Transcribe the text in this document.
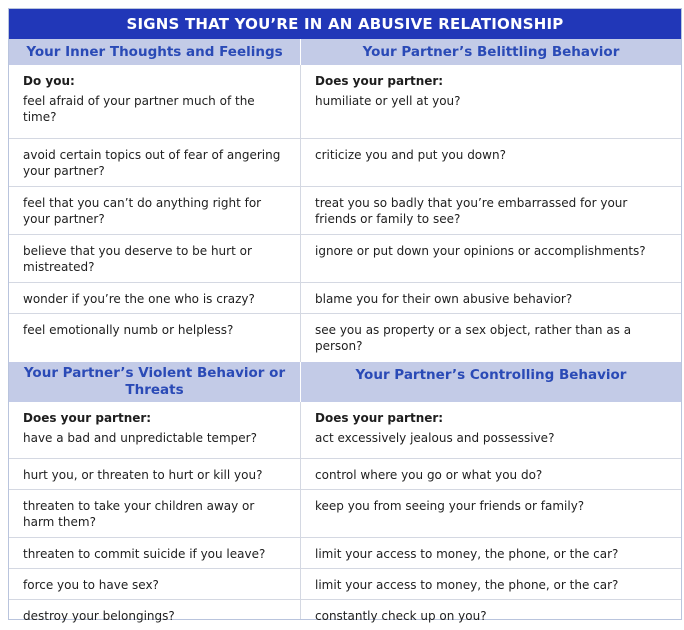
SIGNS THAT YOU’RE IN AN ABUSIVE RELATIONSHIP
Your Inner Thoughts and Feelings	Your Partner’s Belittling Behavior
Do you:
feel afraid of your partner much of the time?
avoid certain topics out of fear of angering your partner?
feel that you can’t do anything right for your partner?
believe that you deserve to be hurt or mistreated?
wonder if you’re the one who is crazy?
feel emotionally numb or helpless?
Does your partner:
humiliate or yell at you?
criticize you and put you down?
treat you so badly that you’re embarrassed for your friends or family to see?
ignore or put down your opinions or accomplishments?
blame you for their own abusive behavior?
see you as property or a sex object, rather than as a person?
Your Partner’s Violent Behavior or Threats
Your Partner’s Controlling Behavior
Does your partner:
have a bad and unpredictable temper?
hurt you, or threaten to hurt or kill you?
threaten to take your children away or harm them?
threaten to commit suicide if you leave?
force you to have sex?
destroy your belongings?
Does your partner:
act excessively jealous and possessive?
control where you go or what you do?
keep you from seeing your friends or family?
limit your access to money, the phone, or the car?
limit your access to money, the phone, or the car?
constantly check up on you?
